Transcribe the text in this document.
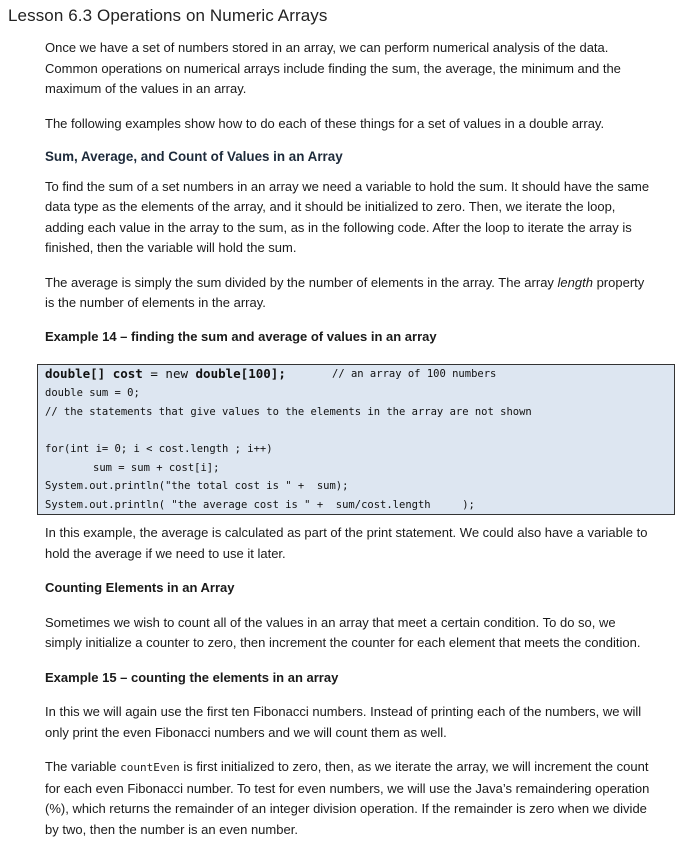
Lesson 6.3 Operations on Numeric Arrays

Once we have a set of numbers stored in an array, we can perform numerical analysis of the data. Common operations on numerical arrays include finding the sum, the average, the minimum and the maximum of the values in an array.

The following examples show how to do each of these things for a set of values in a double array.

Sum, Average, and Count of Values in an Array

To find the sum of a set numbers in an array we need a variable to hold the sum. It should have the same data type as the elements of the array, and it should be initialized to zero. Then, we iterate the loop, adding each value in the array to the sum, as in the following code. After the loop to iterate the array is finished, then the variable will hold the sum.

The average is simply the sum divided by the number of elements in the array. The array length property is the number of elements in the array.

Example 14 – finding the sum and average of values in an array

double[] cost = new double[100];	// an array of 100 numbers
double sum = 0;
// the statements that give values to the elements in the array are not shown
for(int i= 0; i < cost.length ; i++)
sum = sum + cost[i];
System.out.println("the total cost is " +  sum);
System.out.println( "the average cost is " +  sum/cost.length     );

In this example, the average is calculated as part of the print statement. We could also have a variable to hold the average if we need to use it later.

Counting Elements in an Array

Sometimes we wish to count all of the values in an array that meet a certain condition. To do so, we simply initialize a counter to zero, then increment the counter for each element that meets the condition.

Example 15 – counting the elements in an array

In this we will again use the first ten Fibonacci numbers. Instead of printing each of the numbers, we will only print the even Fibonacci numbers and we will count them as well.

The variable countEven is first initialized to zero, then, as we iterate the array, we will increment the count for each even Fibonacci number. To test for even numbers, we will use the Java’s remaindering operation (%), which returns the remainder of an integer division operation. If the remainder is zero when we divide by two, then the number is an even number.
